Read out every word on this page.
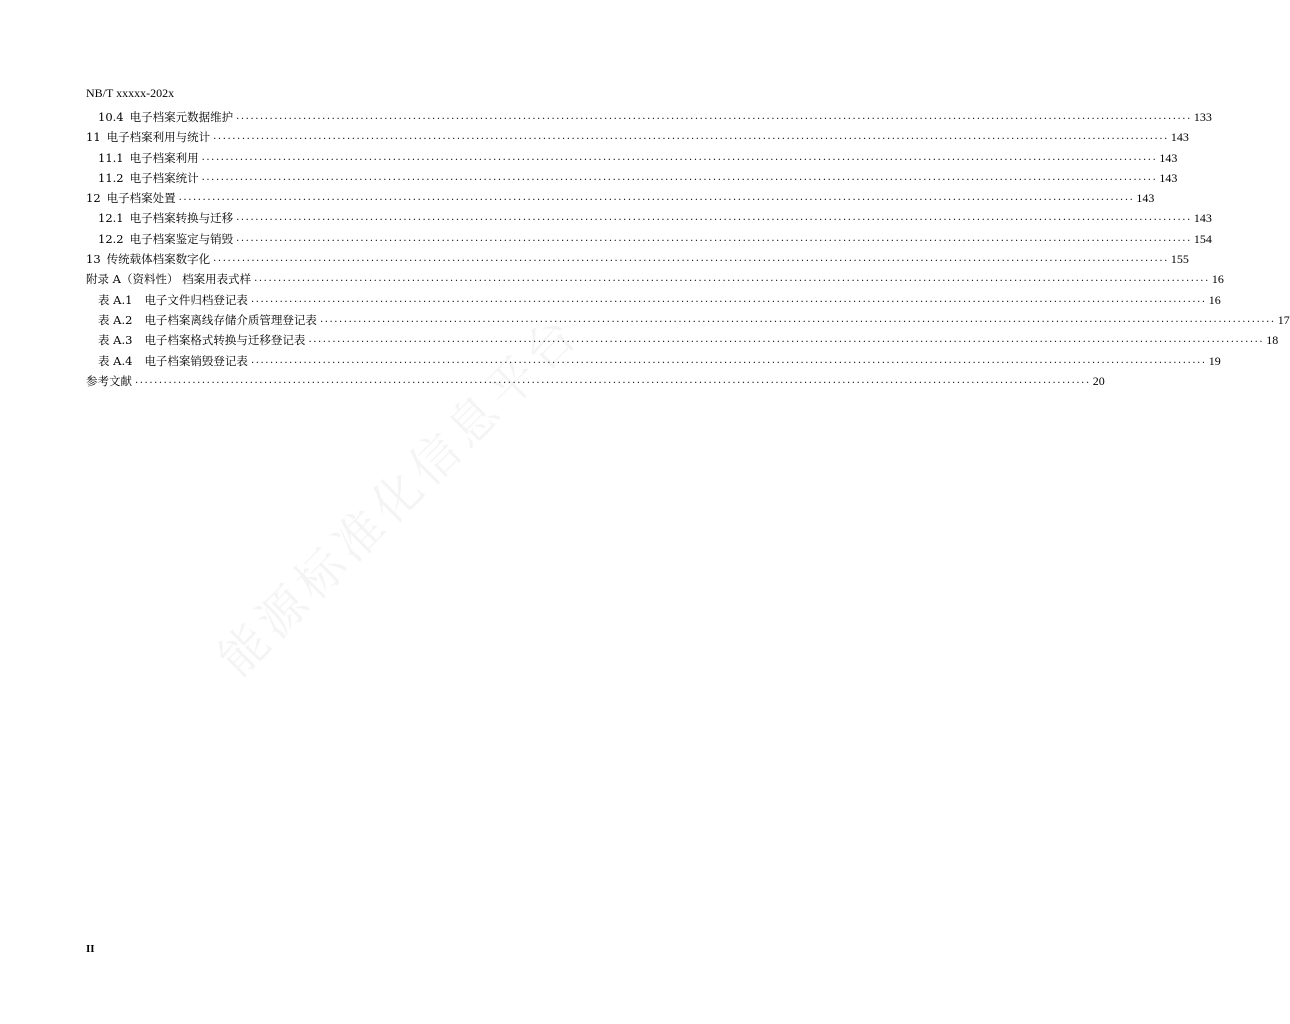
NB/T xxxxx-202x
10.4 电子档案元数据维护 ........................................................................................................................................................................................................ 133
11 电子档案利用与统计 ........................................................................................................................................................................................................ 143
11.1 电子档案利用 ........................................................................................................................................................................................................ 143
11.2 电子档案统计 ........................................................................................................................................................................................................ 143
12 电子档案处置 ........................................................................................................................................................................................................ 143
12.1 电子档案转换与迁移 ........................................................................................................................................................................................................ 143
12.2 电子档案鉴定与销毁 ........................................................................................................................................................................................................ 154
13 传统载体档案数字化 ........................................................................................................................................................................................................ 155
附录 A（资料性） 档案用表式样 ........................................................................................................................................................................................................ 16
表 A.1 电子文件归档登记表 ........................................................................................................................................................................................................ 16
表 A.2 电子档案离线存储介质管理登记表 ........................................................................................................................................................................................................ 17
表 A.3 电子档案格式转换与迁移登记表 ........................................................................................................................................................................................................ 18
表 A.4 电子档案销毁登记表 ........................................................................................................................................................................................................ 19
参考文献 ........................................................................................................................................................................................................ 20
II
